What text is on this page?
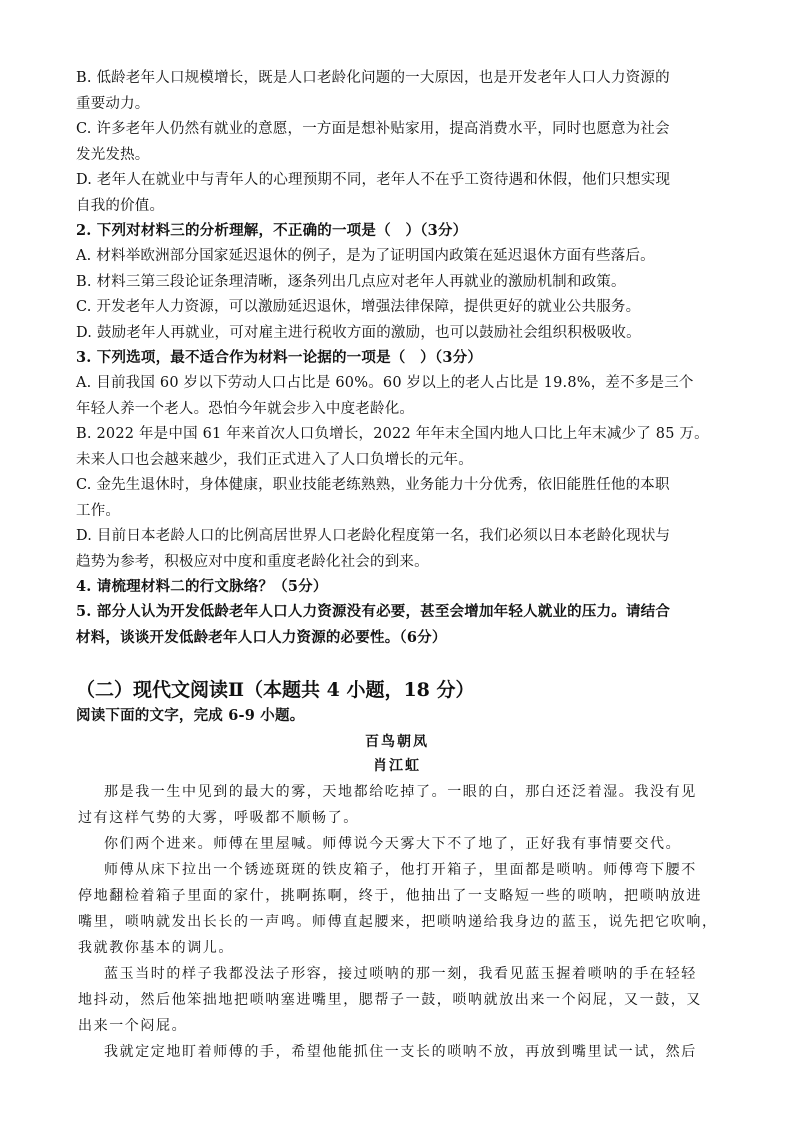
B. 低龄老年人口规模增长，既是人口老龄化问题的一大原因，也是开发老年人口人力资源的
重要动力。
C. 许多老年人仍然有就业的意愿，一方面是想补贴家用，提高消费水平，同时也愿意为社会
发光发热。
D. 老年人在就业中与青年人的心理预期不同，老年人不在乎工资待遇和休假，他们只想实现
自我的价值。
2. 下列对材料三的分析理解，不正确的一项是（　）（3分）
A. 材料举欧洲部分国家延迟退休的例子，是为了证明国内政策在延迟退休方面有些落后。
B. 材料三第三段论证条理清晰，逐条列出几点应对老年人再就业的激励机制和政策。
C. 开发老年人力资源，可以激励延迟退休，增强法律保障，提供更好的就业公共服务。
D. 鼓励老年人再就业，可对雇主进行税收方面的激励，也可以鼓励社会组织积极吸收。
3. 下列选项，最不适合作为材料一论据的一项是（　）（3分）
A. 目前我国 60 岁以下劳动人口占比是 60%。60 岁以上的老人占比是 19.8%，差不多是三个
年轻人养一个老人。恐怕今年就会步入中度老龄化。
B. 2022 年是中国 61 年来首次人口负增长，2022 年年末全国内地人口比上年末减少了 85 万。
未来人口也会越来越少，我们正式进入了人口负增长的元年。
C. 金先生退休时，身体健康，职业技能老练熟熟，业务能力十分优秀，依旧能胜任他的本职
工作。
D. 目前日本老龄人口的比例高居世界人口老龄化程度第一名，我们必须以日本老龄化现状与
趋势为参考，积极应对中度和重度老龄化社会的到来。
4. 请梳理材料二的行文脉络？（5分）
5. 部分人认为开发低龄老年人口人力资源没有必要，甚至会增加年轻人就业的压力。请结合
材料，谈谈开发低龄老年人口人力资源的必要性。（6分）
（二）现代文阅读Ⅱ（本题共 4 小题，18 分）
阅读下面的文字，完成 6-9 小题。
百鸟朝凤
肖江虹
那是我一生中见到的最大的雾，天地都给吃掉了。一眼的白，那白还泛着湿。我没有见
过有这样气势的大雾，呼吸都不顺畅了。
你们两个进来。师傅在里屋喊。师傅说今天雾大下不了地了，正好我有事情要交代。
师傅从床下拉出一个锈迹斑斑的铁皮箱子，他打开箱子，里面都是唢呐。师傅弯下腰不
停地翻检着箱子里面的家什，挑啊拣啊，终于，他抽出了一支略短一些的唢呐，把唢呐放进
嘴里，唢呐就发出长长的一声鸣。师傅直起腰来，把唢呐递给我身边的蓝玉，说先把它吹响，
我就教你基本的调儿。
蓝玉当时的样子我都没法子形容，接过唢呐的那一刻，我看见蓝玉握着唢呐的手在轻轻
地抖动，然后他笨拙地把唢呐塞进嘴里，腮帮子一鼓，唢呐就放出来一个闷屁，又一鼓，又
出来一个闷屁。
我就定定地盯着师傅的手，希望他能抓住一支长的唢呐不放，再放到嘴里试一试，然后
